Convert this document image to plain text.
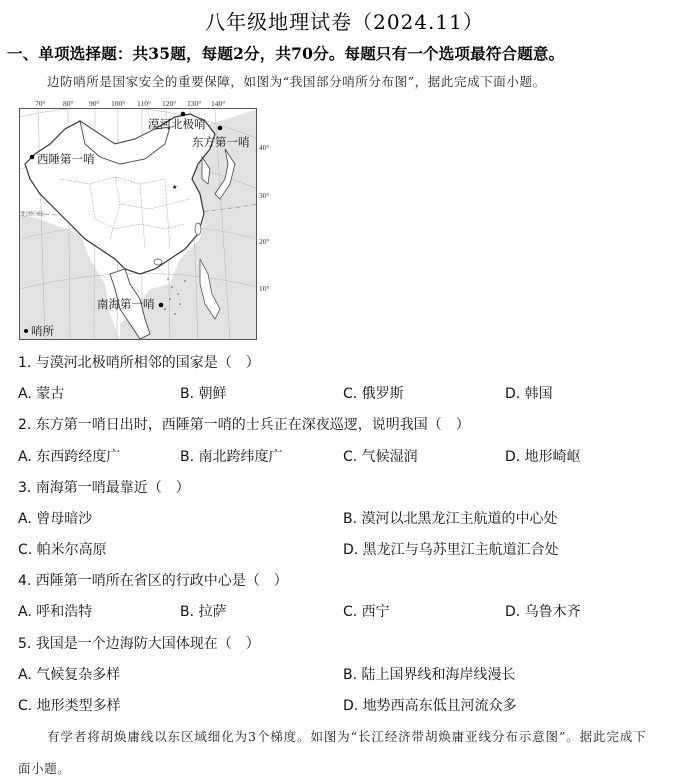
八年级地理试卷（2024.11）
一、单项选择题：共35题，每题2分，共70分。每题只有一个选项最符合题意。
边防哨所是国家安全的重要保障，如图为“我国部分哨所分布图”，据此完成下面小题。
70° 80° 90° 100° 110° 120° 130° 140°
40°
30°
20°
10°
★
漠河北极哨
东方第一哨
西陲第一哨
南海第一哨
北回归线
哨所
1. 与漠河北极哨所相邻的国家是（　）
A. 蒙古	B. 朝鲜	C. 俄罗斯	D. 韩国
2. 东方第一哨日出时，西陲第一哨的士兵正在深夜巡逻，说明我国（　）
A. 东西跨经度广	B. 南北跨纬度广	C. 气候湿润	D. 地形崎岖
3. 南海第一哨最靠近（　）
A. 曾母暗沙	B. 漠河以北黑龙江主航道的中心处
C. 帕米尔高原	D. 黑龙江与乌苏里江主航道汇合处
4. 西陲第一哨所在省区的行政中心是（　）
A. 呼和浩特	B. 拉萨	C. 西宁	D. 乌鲁木齐
5. 我国是一个边海防大国体现在（　）
A. 气候复杂多样	B. 陆上国界线和海岸线漫长
C. 地形类型多样	D. 地势西高东低且河流众多
有学者将胡焕庸线以东区域细化为3个梯度。如图为“长江经济带胡焕庸亚线分布示意图”。据此完成下
面小题。
